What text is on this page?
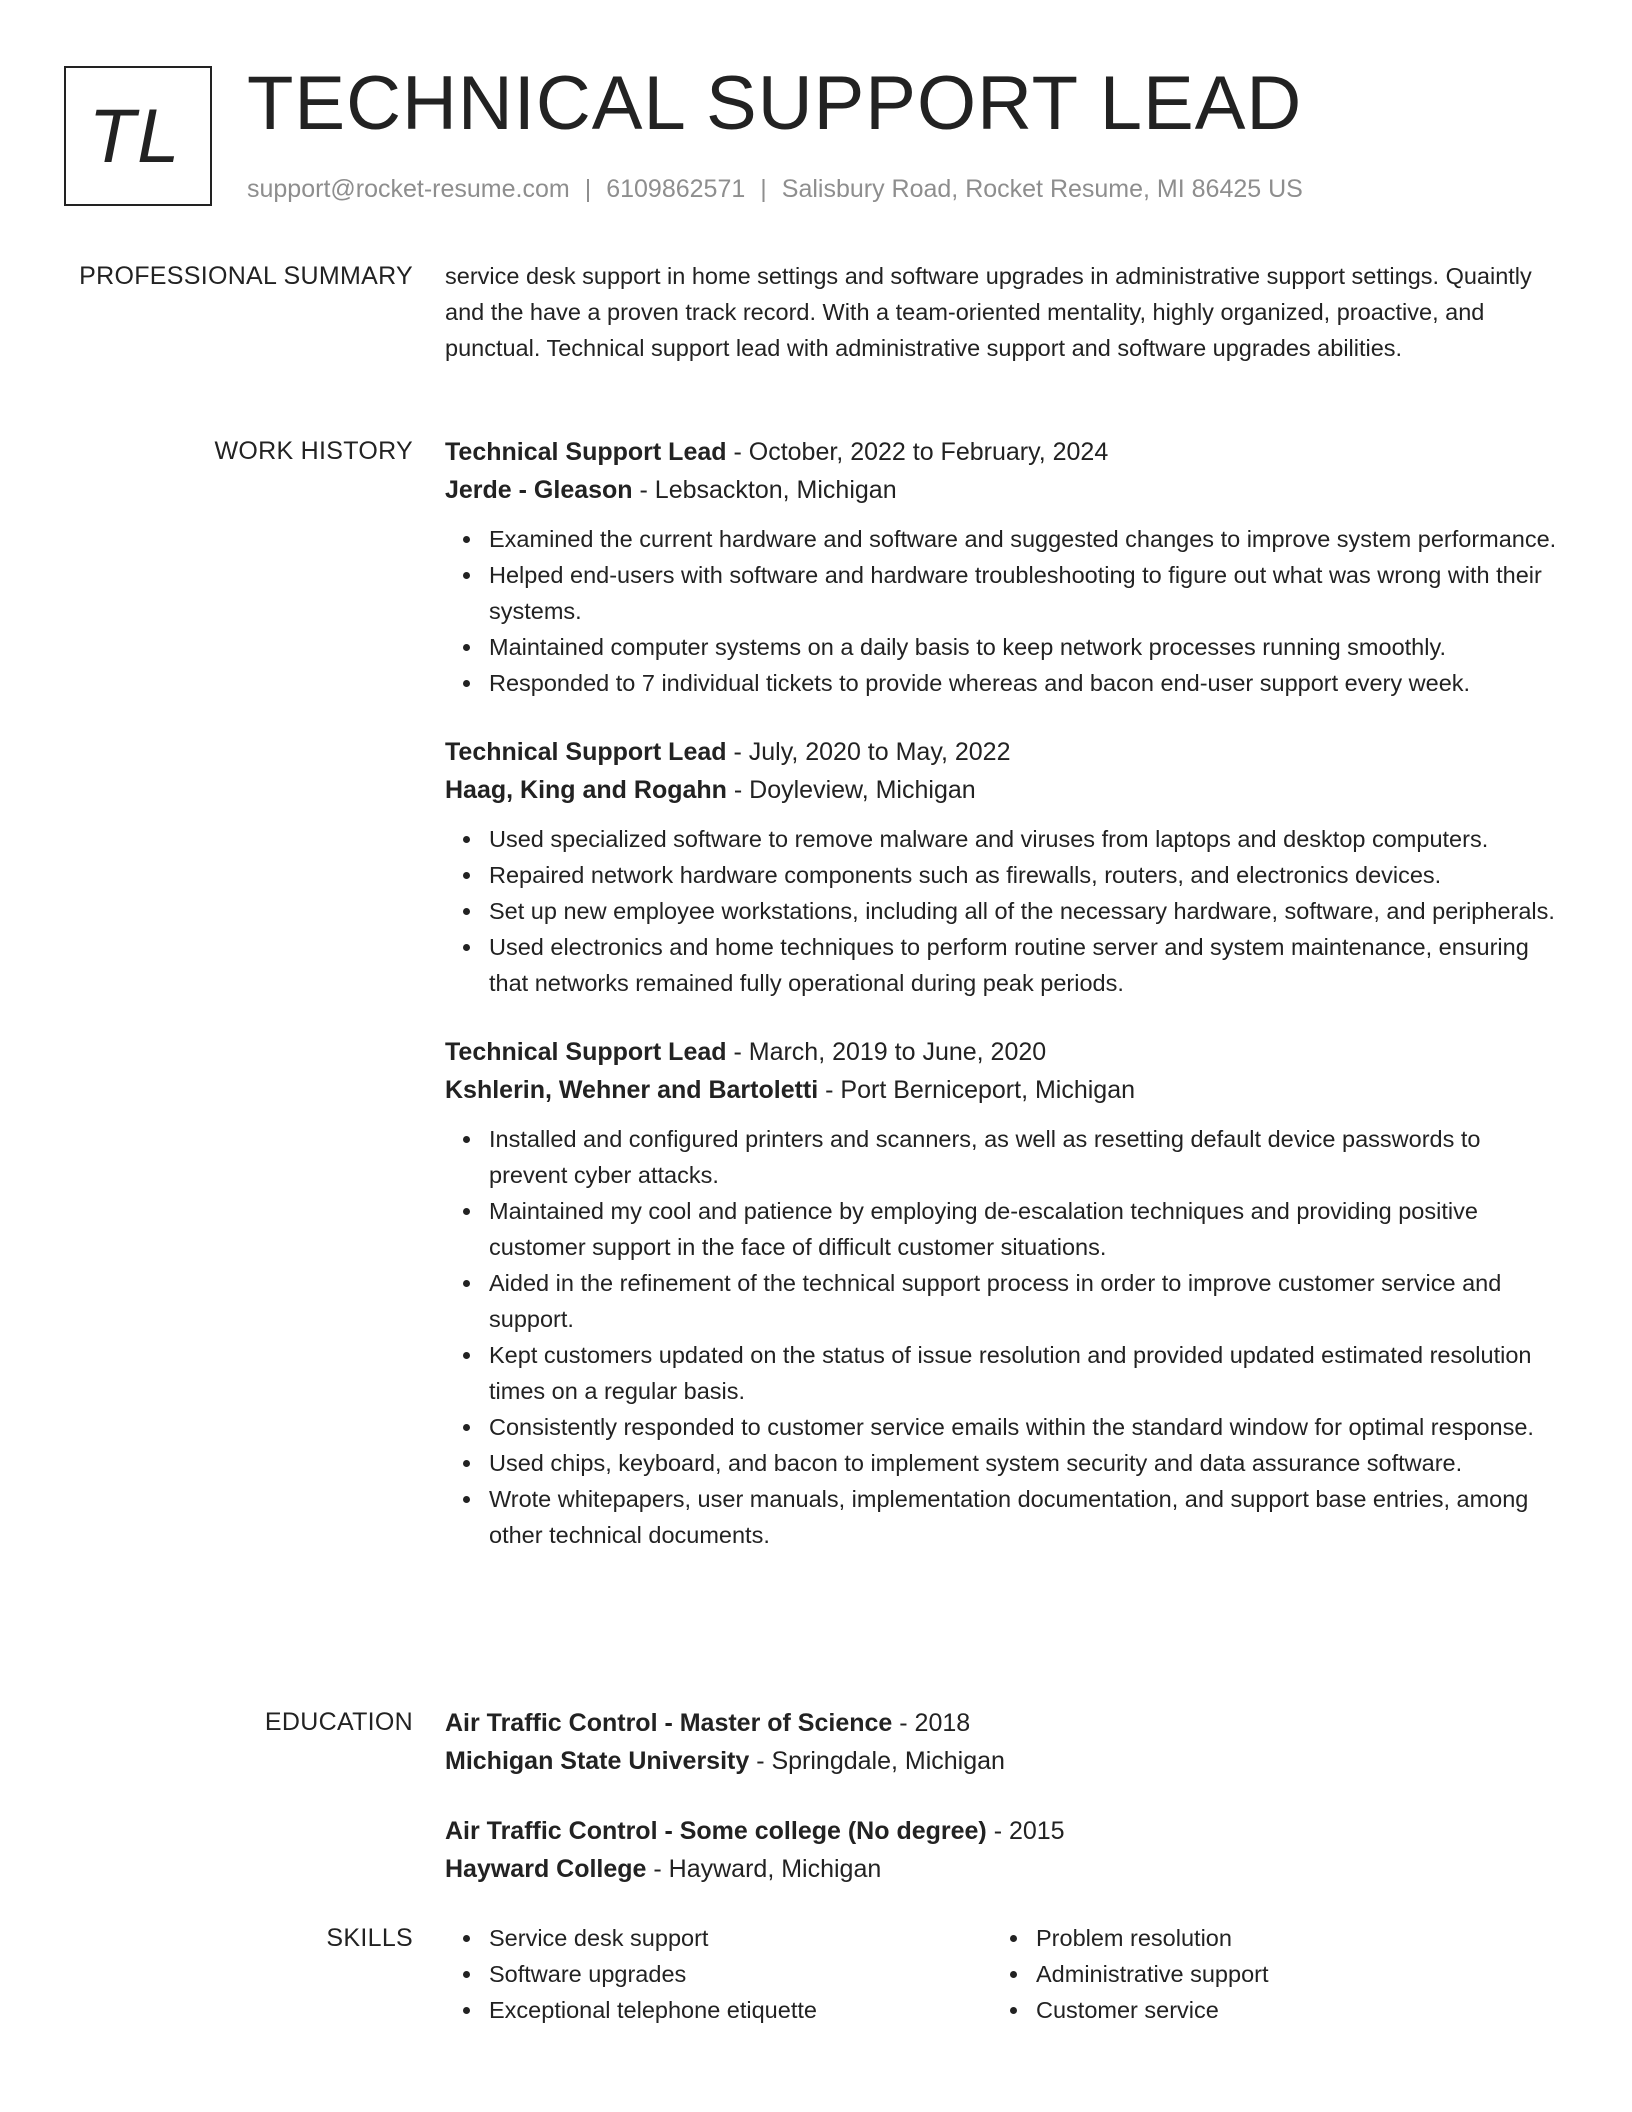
TL TECHNICAL SUPPORT LEAD
support@rocket-resume.com | 6109862571 | Salisbury Road, Rocket Resume, MI 86425 US
PROFESSIONAL SUMMARY service desk support in home settings and software upgrades in administrative support settings. Quaintly and the have a proven track record. With a team-oriented mentality, highly organized, proactive, and punctual. Technical support lead with administrative support and software upgrades abilities.

WORK HISTORY Technical Support Lead - October, 2022 to February, 2024
Jerde - Gleason - Lebsackton, Michigan
Examined the current hardware and software and suggested changes to improve system performance.
Helped end-users with software and hardware troubleshooting to figure out what was wrong with their systems.
Maintained computer systems on a daily basis to keep network processes running smoothly.
Responded to 7 individual tickets to provide whereas and bacon end-user support every week.
Technical Support Lead - July, 2020 to May, 2022
Haag, King and Rogahn - Doyleview, Michigan
Used specialized software to remove malware and viruses from laptops and desktop computers.
Repaired network hardware components such as firewalls, routers, and electronics devices.
Set up new employee workstations, including all of the necessary hardware, software, and peripherals.
Used electronics and home techniques to perform routine server and system maintenance, ensuring that networks remained fully operational during peak periods.
Technical Support Lead - March, 2019 to June, 2020
Kshlerin, Wehner and Bartoletti - Port Berniceport, Michigan
Installed and configured printers and scanners, as well as resetting default device passwords to prevent cyber attacks.
Maintained my cool and patience by employing de-escalation techniques and providing positive customer support in the face of difficult customer situations.
Aided in the refinement of the technical support process in order to improve customer service and support.
Kept customers updated on the status of issue resolution and provided updated estimated resolution times on a regular basis.
Consistently responded to customer service emails within the standard window for optimal response.
Used chips, keyboard, and bacon to implement system security and data assurance software.
Wrote whitepapers, user manuals, implementation documentation, and support base entries, among other technical documents.
EDUCATION Air Traffic Control - Master of Science - 2018
Michigan State University - Springdale, Michigan
Air Traffic Control - Some college (No degree) - 2015
Hayward College - Hayward, Michigan
SKILLS	Service desk support
Software upgrades
Exceptional telephone etiquette
Problem resolution
Administrative support
Customer service
